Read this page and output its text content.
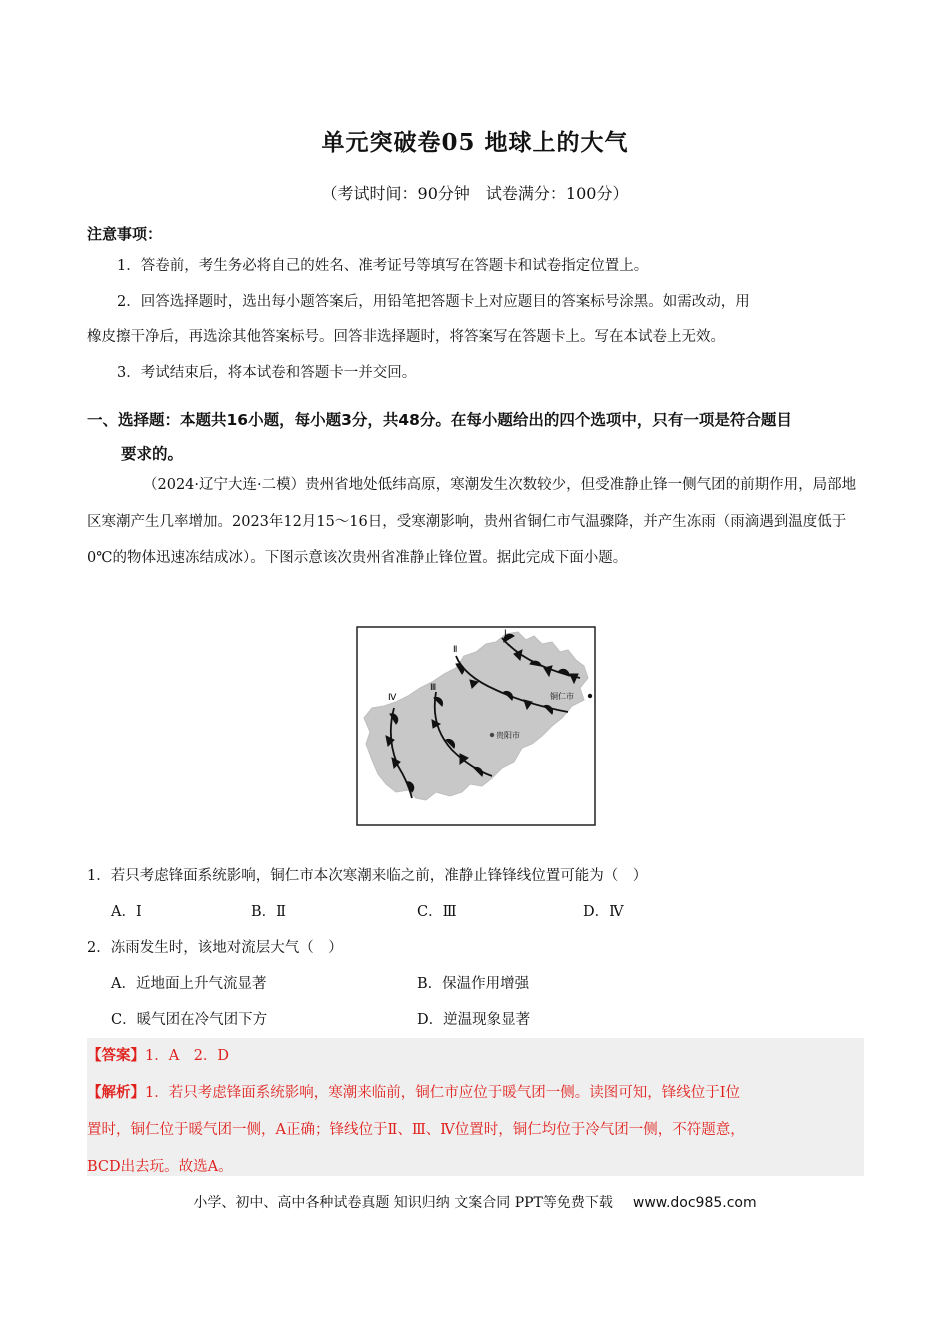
单元突破卷05 地球上的大气
（考试时间：90分钟　试卷满分：100分）
注意事项：
1．答卷前，考生务必将自己的姓名、准考证号等填写在答题卡和试卷指定位置上。
2．回答选择题时，选出每小题答案后，用铅笔把答题卡上对应题目的答案标号涂黑。如需改动，用
橡皮擦干净后，再选涂其他答案标号。回答非选择题时，将答案写在答题卡上。写在本试卷上无效。
3．考试结束后，将本试卷和答题卡一并交回。
一、选择题：本题共16小题，每小题3分，共48分。在每小题给出的四个选项中，只有一项是符合题目
要求的。
（2024·辽宁大连·二模）贵州省地处低纬高原，寒潮发生次数较少，但受准静止锋一侧气团的前期作用，局部地区寒潮产生几率增加。2023年12月15～16日，受寒潮影响，贵州省铜仁市气温骤降，并产生冻雨（雨滴遇到温度低于0℃的物体迅速冻结成冰）。下图示意该次贵州省准静止锋位置。据此完成下面小题。
Ⅰ
Ⅱ
Ⅲ
Ⅳ	铜仁市
贵阳市
1．若只考虑锋面系统影响，铜仁市本次寒潮来临之前，准静止锋锋线位置可能为（　）
A．Ⅰ	B．Ⅱ	C．Ⅲ	D．Ⅳ
2．冻雨发生时，该地对流层大气（　）
A．近地面上升气流显著	B．保温作用增强
C．暖气团在冷气团下方	D．逆温现象显著
【答案】1．A　2．D
【解析】1．若只考虑锋面系统影响，寒潮来临前，铜仁市应位于暖气团一侧。读图可知，锋线位于Ⅰ位
置时，铜仁位于暖气团一侧，A正确；锋线位于Ⅱ、Ⅲ、Ⅳ位置时，铜仁均位于冷气团一侧，不符题意，
BCD出去玩。故选A。
小学、初中、高中各种试卷真题 知识归纳 文案合同 PPT等免费下载 www.doc985.com
